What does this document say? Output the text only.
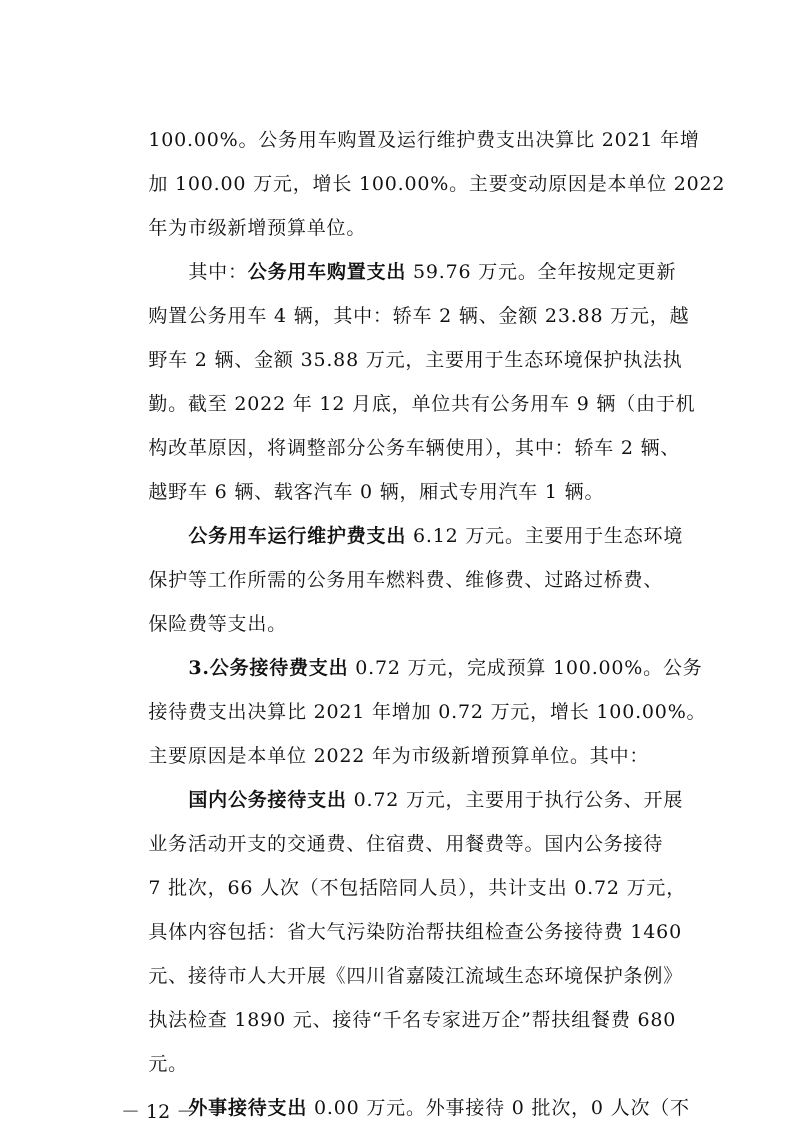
100.00%。公务用车购置及运行维护费支出决算比 2021 年增

加 100.00 万元，增长 100.00%。主要变动原因是本单位 2022

年为市级新增预算单位。

其中：公务用车购置支出 59.76 万元。全年按规定更新

购置公务用车 4 辆，其中：轿车 2 辆、金额 23.88 万元，越

野车 2 辆、金额 35.88 万元，主要用于生态环境保护执法执

勤。截至 2022 年 12 月底，单位共有公务用车 9 辆（由于机

构改革原因，将调整部分公务车辆使用），其中：轿车 2 辆、

越野车 6 辆、载客汽车 0 辆，厢式专用汽车 1 辆。

公务用车运行维护费支出 6.12 万元。主要用于生态环境

保护等工作所需的公务用车燃料费、维修费、过路过桥费、

保险费等支出。

3.公务接待费支出 0.72 万元，完成预算 100.00%。公务

接待费支出决算比 2021 年增加 0.72 万元，增长 100.00%。

主要原因是本单位 2022 年为市级新增预算单位。其中：

国内公务接待支出 0.72 万元，主要用于执行公务、开展

业务活动开支的交通费、住宿费、用餐费等。国内公务接待

7 批次，66 人次（不包括陪同人员），共计支出 0.72 万元，

具体内容包括：省大气污染防治帮扶组检查公务接待费 1460

元、接待市人大开展《四川省嘉陵江流域生态环境保护条例》

执法检查 1890 元、接待“千名专家进万企”帮扶组餐费 680

元。

外事接待支出 0.00 万元。外事接待 0 批次，0 人次（不

－ 12 －
